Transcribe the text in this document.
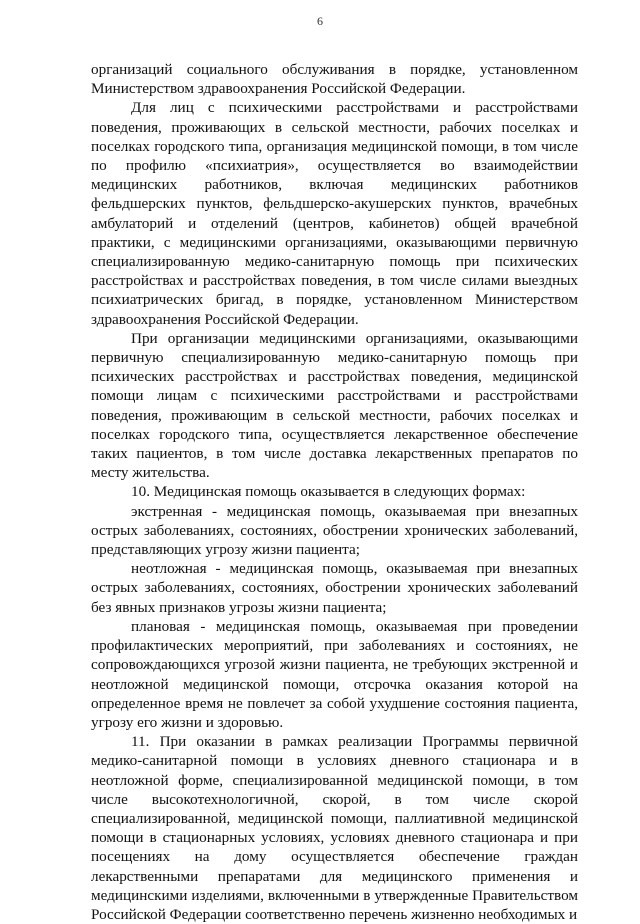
6

организаций социального обслуживания в порядке, установленном Министерством здравоохранения Российской Федерации.

Для лиц с психическими расстройствами и расстройствами поведения, проживающих в сельской местности, рабочих поселках и поселках городского типа, организация медицинской помощи, в том числе по профилю «психиатрия», осуществляется во взаимодействии медицинских работников, включая медицинских работников фельдшерских пунктов, фельдшерско-акушерских пунктов, врачебных амбулаторий и отделений (центров, кабинетов) общей врачебной практики, с медицинскими организациями, оказывающими первичную специализированную медико-санитарную помощь при психических расстройствах и расстройствах поведения, в том числе силами выездных психиатрических бригад, в порядке, установленном Министерством здравоохранения Российской Федерации.

При организации медицинскими организациями, оказывающими первичную специализированную медико-санитарную помощь при психических расстройствах и расстройствах поведения, медицинской помощи лицам с психическими расстройствами и расстройствами поведения, проживающим в сельской местности, рабочих поселках и поселках городского типа, осуществляется лекарственное обеспечение таких пациентов, в том числе доставка лекарственных препаратов по месту жительства.

10. Медицинская помощь оказывается в следующих формах:

экстренная - медицинская помощь, оказываемая при внезапных острых заболеваниях, состояниях, обострении хронических заболеваний, представляющих угрозу жизни пациента;

неотложная - медицинская помощь, оказываемая при внезапных острых заболеваниях, состояниях, обострении хронических заболеваний без явных признаков угрозы жизни пациента;

плановая - медицинская помощь, оказываемая при проведении профилактических мероприятий, при заболеваниях и состояниях, не сопровождающихся угрозой жизни пациента, не требующих экстренной и неотложной медицинской помощи, отсрочка оказания которой на определенное время не повлечет за собой ухудшение состояния пациента, угрозу его жизни и здоровью.

11. При оказании в рамках реализации Программы первичной медико-санитарной помощи в условиях дневного стационара и в неотложной форме, специализированной медицинской помощи, в том числе высокотехнологичной, скорой, в том числе скорой специализированной, медицинской помощи, паллиативной медицинской помощи в стационарных условиях, условиях дневного стационара и при посещениях на дому осуществляется обеспечение граждан лекарственными препаратами для медицинского применения и медицинскими изделиями, включенными в утвержденные Правительством Российской Федерации соответственно перечень жизненно необходимых и
